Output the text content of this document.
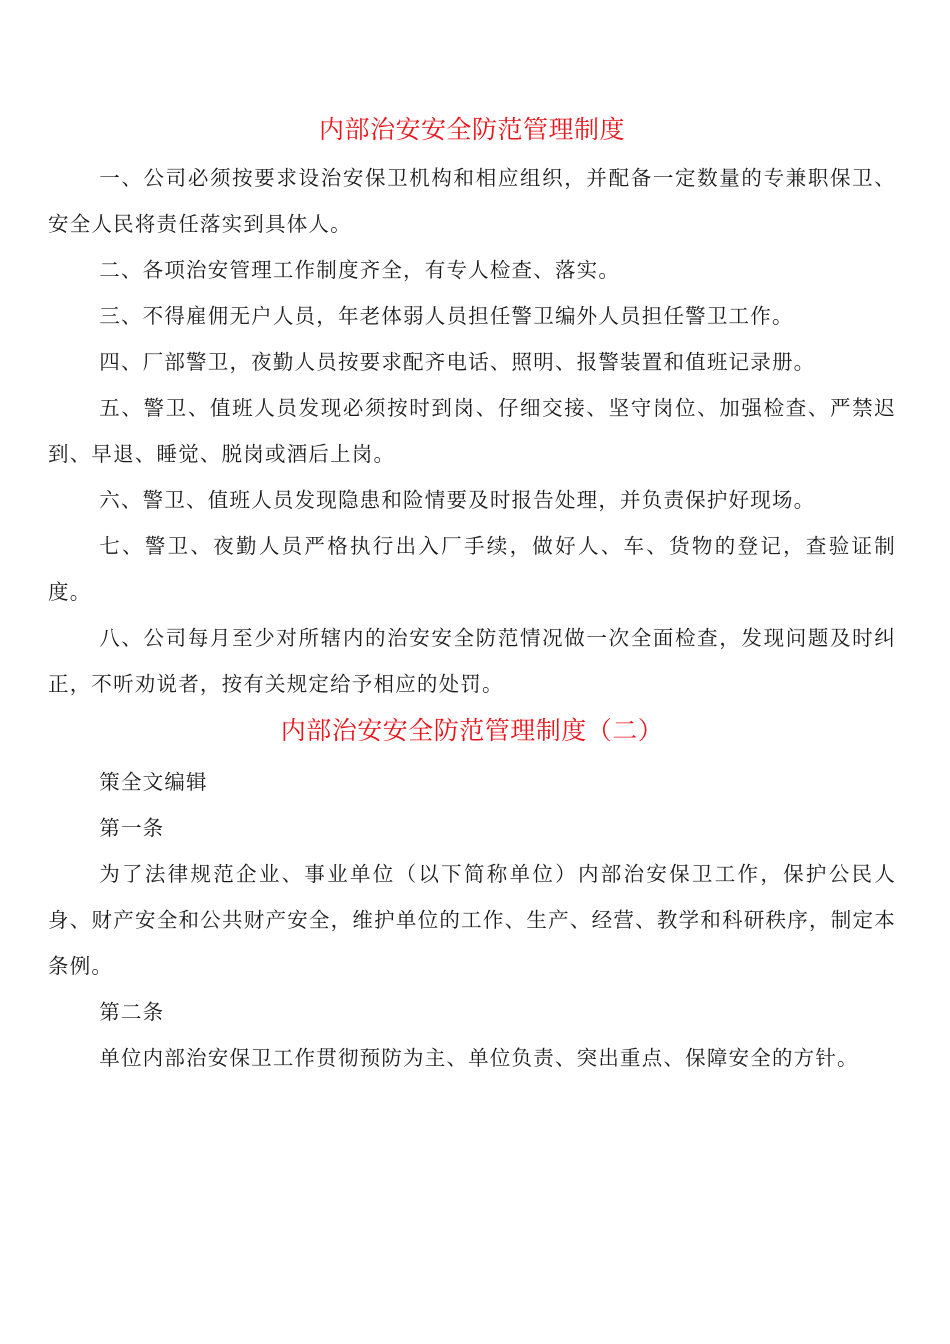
内部治安安全防范管理制度

一、公司必须按要求设治安保卫机构和相应组织，并配备一定数量的专兼职保卫、安全人民将责任落实到具体人。

二、各项治安管理工作制度齐全，有专人检查、落实。

三、不得雇佣无户人员，年老体弱人员担任警卫编外人员担任警卫工作。

四、厂部警卫，夜勤人员按要求配齐电话、照明、报警装置和值班记录册。

五、警卫、值班人员发现必须按时到岗、仔细交接、坚守岗位、加强检查、严禁迟到、早退、睡觉、脱岗或酒后上岗。

六、警卫、值班人员发现隐患和险情要及时报告处理，并负责保护好现场。

七、警卫、夜勤人员严格执行出入厂手续，做好人、车、货物的登记，查验证制度。

八、公司每月至少对所辖内的治安安全防范情况做一次全面检查，发现问题及时纠正，不听劝说者，按有关规定给予相应的处罚。

内部治安安全防范管理制度（二）

策全文编辑

第一条

为了法律规范企业、事业单位（以下简称单位）内部治安保卫工作，保护公民人身、财产安全和公共财产安全，维护单位的工作、生产、经营、教学和科研秩序，制定本条例。

第二条

单位内部治安保卫工作贯彻预防为主、单位负责、突出重点、保障安全的方针。
